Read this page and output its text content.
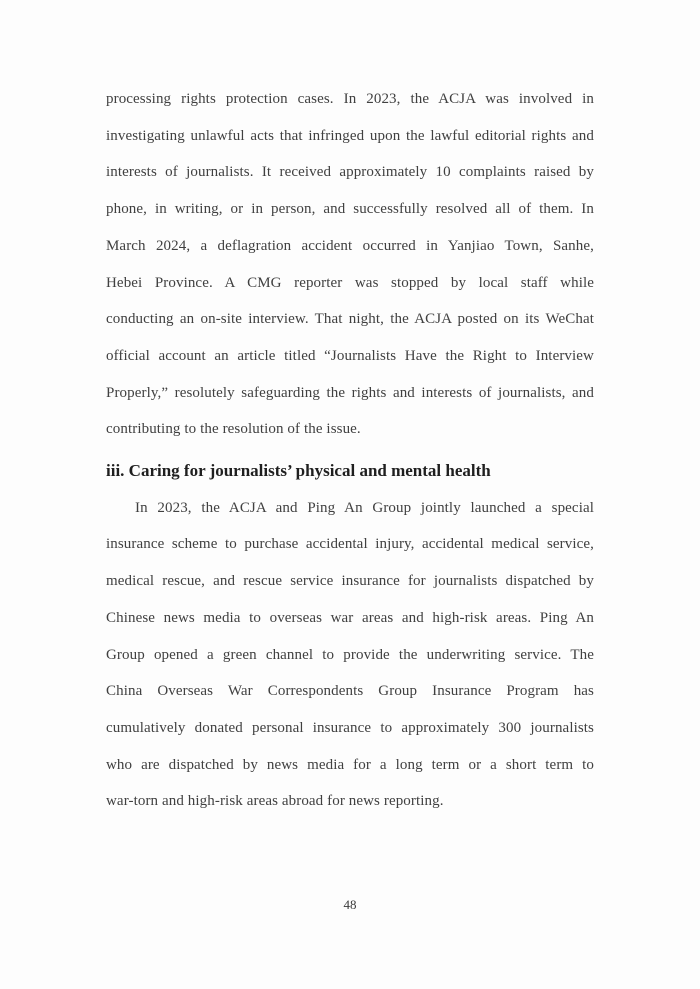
processing rights protection cases. In 2023, the ACJA was involved in
investigating unlawful acts that infringed upon the lawful editorial rights and
interests of journalists. It received approximately 10 complaints raised by
phone, in writing, or in person, and successfully resolved all of them. In
March 2024, a deflagration accident occurred in Yanjiao Town, Sanhe,
Hebei Province. A CMG reporter was stopped by local staff while
conducting an on-site interview. That night, the ACJA posted on its WeChat
official account an article titled “Journalists Have the Right to Interview
Properly,” resolutely safeguarding the rights and interests of journalists, and
contributing to the resolution of the issue.
iii. Caring for journalists’ physical and mental health
In 2023, the ACJA and Ping An Group jointly launched a special
insurance scheme to purchase accidental injury, accidental medical service,
medical rescue, and rescue service insurance for journalists dispatched by
Chinese news media to overseas war areas and high-risk areas. Ping An
Group opened a green channel to provide the underwriting service. The
China Overseas War Correspondents Group Insurance Program has
cumulatively donated personal insurance to approximately 300 journalists
who are dispatched by news media for a long term or a short term to
war-torn and high-risk areas abroad for news reporting.
48
